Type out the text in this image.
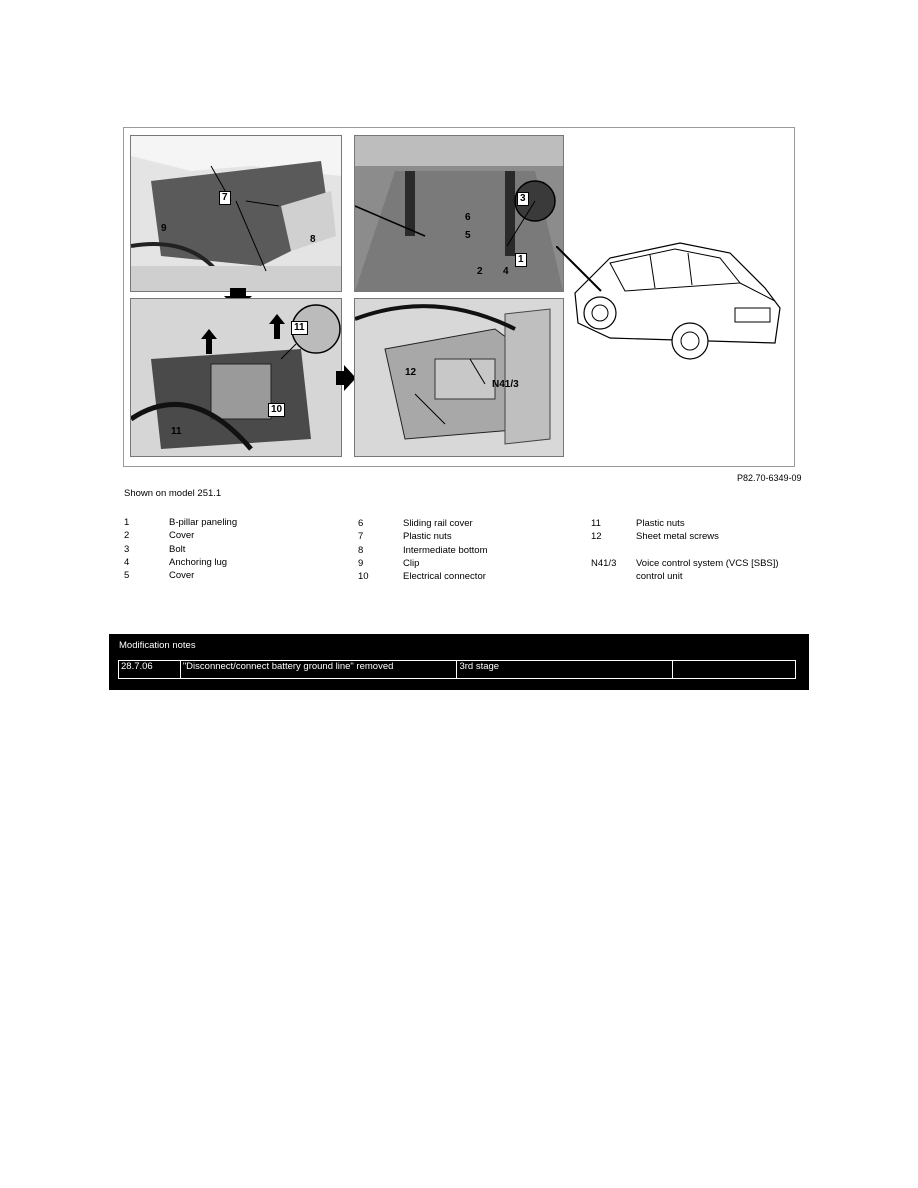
7
9
8
3
6
5
2 4
1
11
10
11
12
N41/3
P82.70-6349-09
Shown on model 251.1
1	B-pillar paneling
2	Cover
3	Bolt
4	Anchoring lug
5	Cover
6	Sliding rail cover
7	Plastic nuts
8	Intermediate bottom
9	Clip
10	Electrical connector
11	Plastic nuts
12	Sheet metal screws
N41/3	Voice control system (VCS [SBS]) control unit
Modification notes
28.7.06	"Disconnect/connect battery ground line" removed	3rd stage	
